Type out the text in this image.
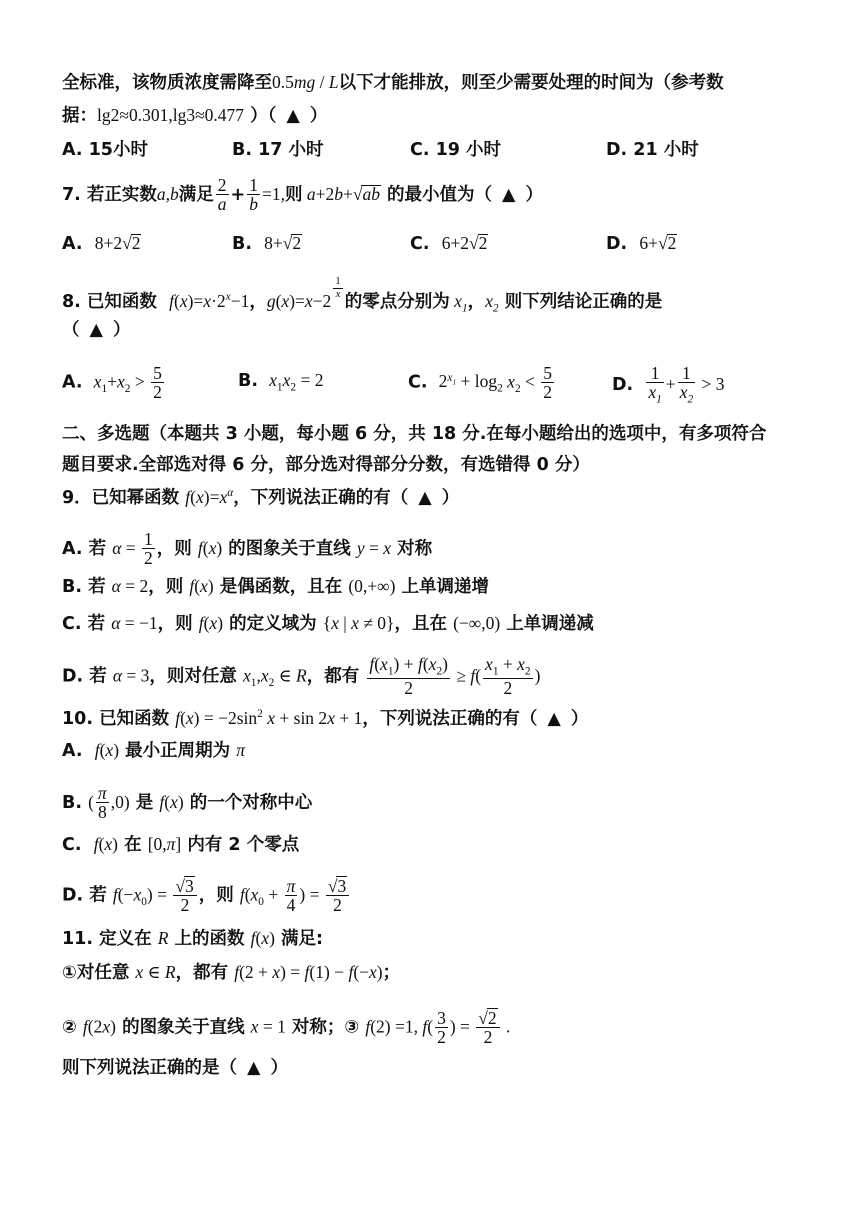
全标准，该物质浓度需降至0.5mg / L以下才能排放，则至少需要处理的时间为（参考数
据：lg2≈0.301,lg3≈0.477 ）（ ▲ ）
A. 15小时	B. 17 小时	C. 19 小时	D. 21 小时
7. 若正实数a,b满足 $\frac{2}{a} + \frac{1}{b} =1$,则 a+2b+√ab 的最小值为（ ▲ ）
A.  8+2√2	B.  8+√2	C.  6+2√2	D.  6+√2
8. 已知函数  $f(x)=x\cdot 2^x-1$，g(x)=x−2
$\frac{1}{x}$
的零点分别为 $x_1$，$x_2$ 则下列结论正确的是
（ ▲ ）
A. $x_1+x_2 > \frac{5}{2}$	B. $x_1x_2 = 2$	C. $2^{x_1} + \log_2 x_2 < \frac{5}{2}$	D. $\frac{1}{x_1} + \frac{1}{x_2} > 3$
二、多选题（本题共 3 小题，每小题 6 分，共 18 分.在每小题给出的选项中，有多项符合
题目要求.全部选对得 6 分，部分选对得部分分数，有选错得 0 分）
9．已知幂函数 $f(x)=x^\alpha$，下列说法正确的有（ ▲ ）
A. 若 $\alpha = \frac{1}{2}$ ，则 f(x) 的图象关于直线 y = x 对称
B. 若 α = 2，则 f(x) 是偶函数，且在 (0,+∞) 上单调递增
C. 若 α = −1，则 f(x) 的定义域为 {x | x ≠ 0}，且在 (−∞,0) 上单调递减
D. 若 α = 3，则对任意 $x_1,x_2$ ∈ R，都有 $\frac{f(x_1) + f(x_2)}{2} \ge f( \frac{x_1 + x_2}{2}$ )
10. 已知函数 $f(x) = -2\sin^2$ x + sin 2x + 1，下列说法正确的有（ ▲ ）
A.  f(x) 最小正周期为 π
B. ( $\frac{\pi}{8} ,0$) 是 f(x) 的一个对称中心
C.  f(x) 在 [0,π] 内有 2 个零点
D. 若 $f(-x_0) = \frac{√3}{2}$ ，则 $f(x_0 + \frac{\pi}{4}$ ) = $\frac{√3}{2}$
11. 定义在 R 上的函数 f(x) 满足:
①对任意 x ∈ R，都有 f(2 + x) = f(1) − f(−x)；
② f(2x) 的图象关于直线 x = 1 对称；③ f(2) =1, $f( \frac{3}{2}$ ) = $\frac{√2}{2}$ .
则下列说法正确的是（ ▲ ）
